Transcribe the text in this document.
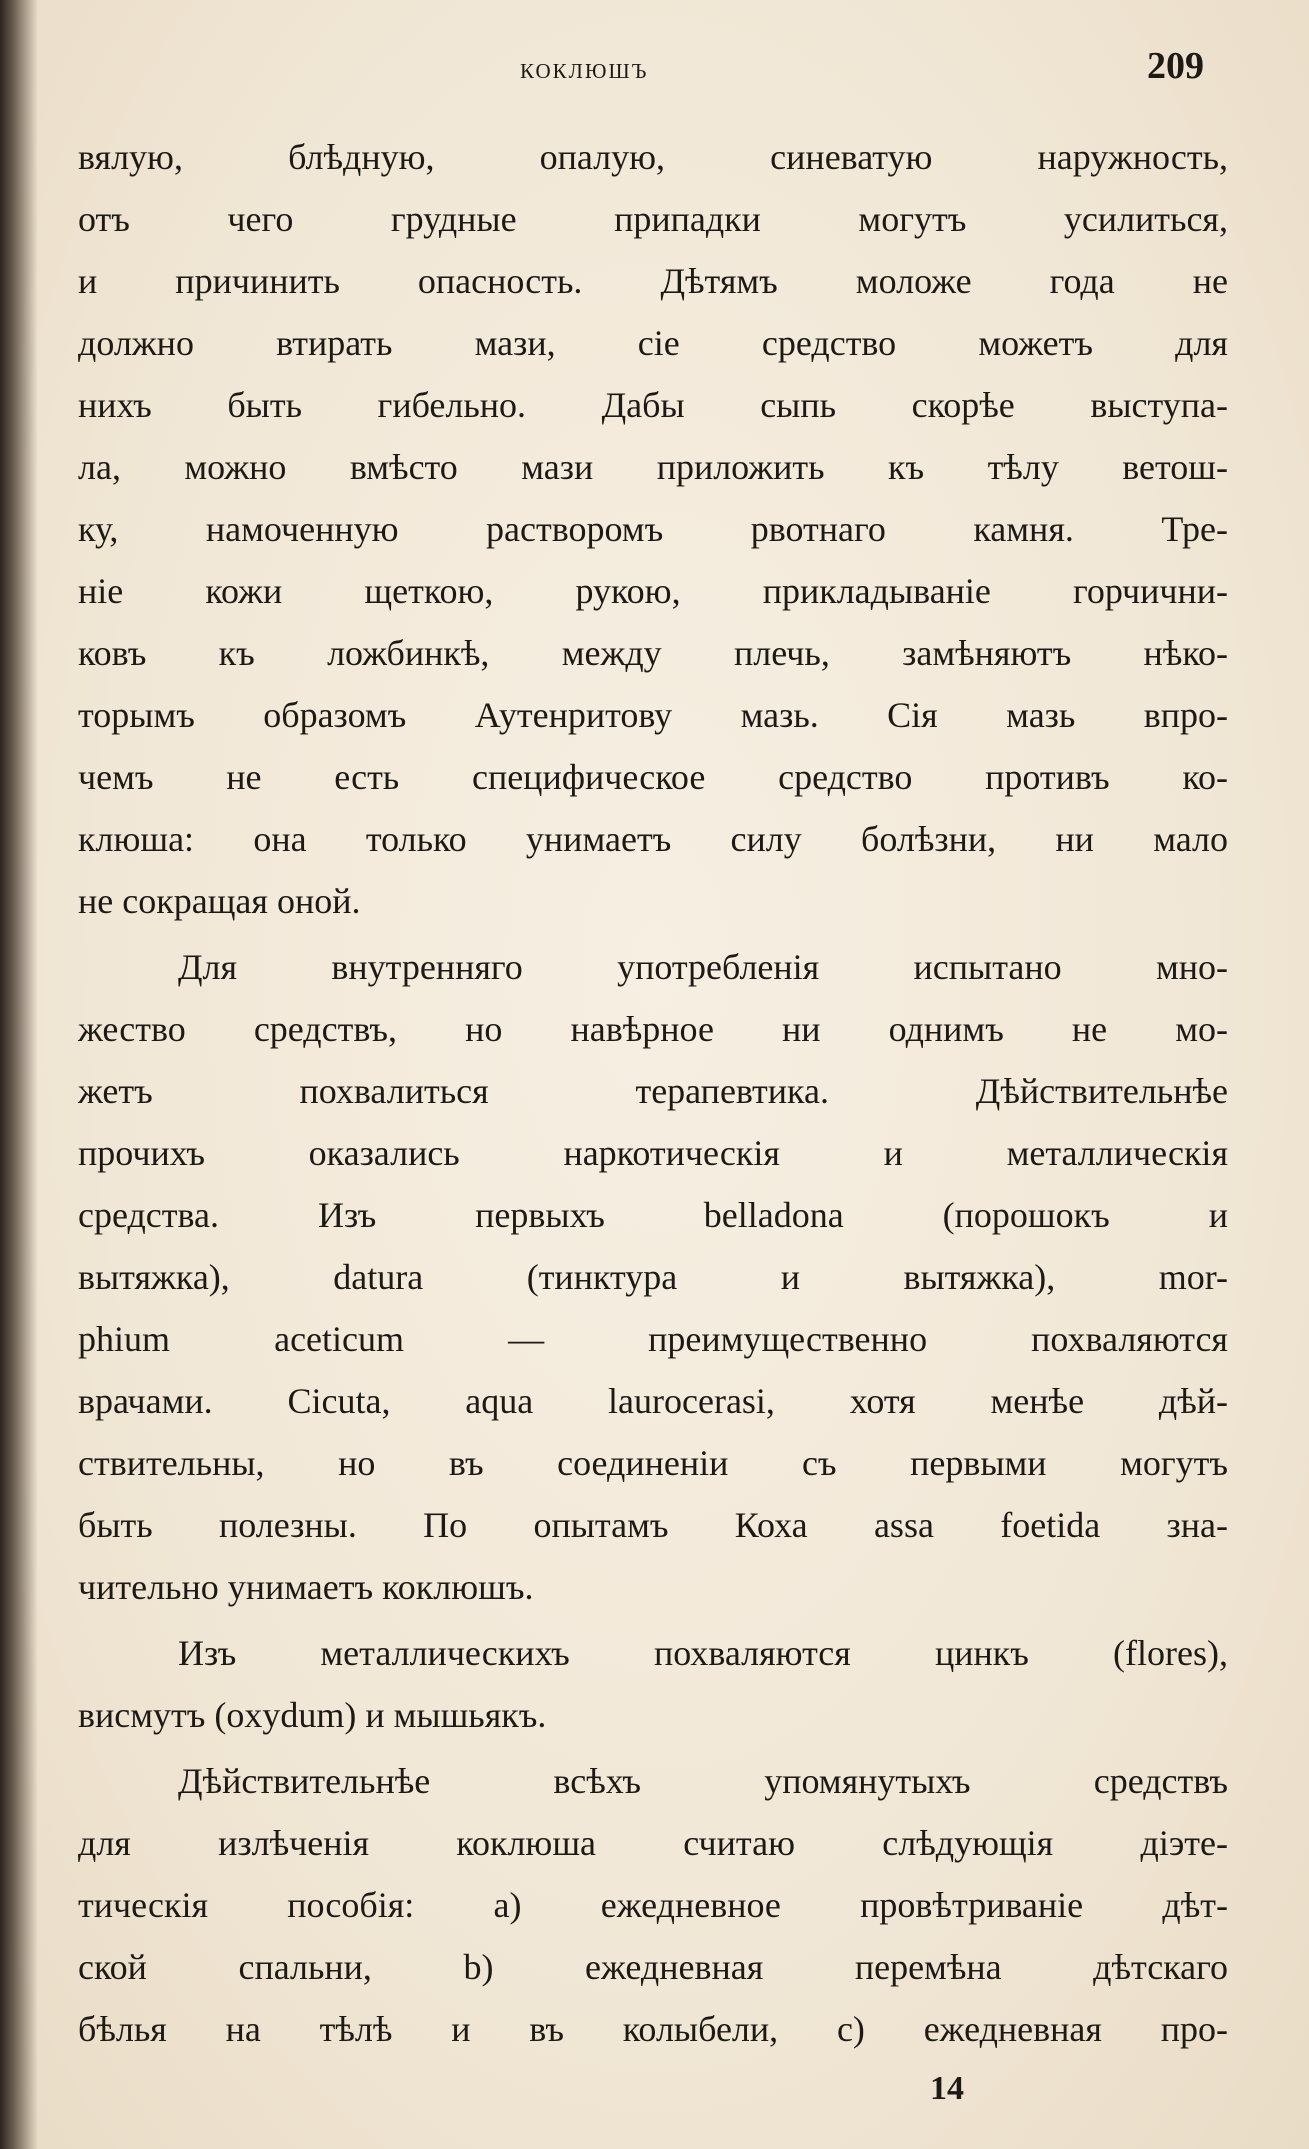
коклюшъ	209
вялую, блѣдную, опалую, синеватую наружность,
отъ чего грудные припадки могутъ усилиться,
и причинить опасность. Дѣтямъ моложе года не
должно втирать мази, сіе средство можетъ для
нихъ быть гибельно. Дабы сыпь скорѣе выступа-
ла, можно вмѣсто мази приложить къ тѣлу ветош-
ку, намоченную растворомъ рвотнаго камня. Тре-
ніе кожи щеткою, рукою, прикладываніе горчични-
ковъ къ ложбинкѣ, между плечь, замѣняютъ нѣко-
торымъ образомъ Аутенритову мазь. Сія мазь впро-
чемъ не есть специфическое средство противъ ко-
клюша: она только унимаетъ силу болѣзни, ни мало
не сокращая оной.
Для внутренняго употребленія испытано мно-
жество средствъ, но навѣрное ни однимъ не мо-
жетъ похвалиться терапевтика. Дѣйствительнѣе
прочихъ оказались наркотическія и металлическія
средства. Изъ первыхъ belladona (порошокъ и
вытяжка), datura (тинктура и вытяжка), mor-
phium aceticum — преимущественно похваляются
врачами. Cicuta, aqua laurocerasi, хотя менѣе дѣй-
ствительны, но въ соединеніи съ первыми могутъ
быть полезны. По опытамъ Коха assa foetida зна-
чительно унимаетъ коклюшъ.
Изъ металлическихъ похваляются цинкъ (flores),
висмутъ (oxydum) и мышьякъ.
Дѣйствительнѣе всѣхъ упомянутыхъ средствъ
для излѣченія коклюша считаю слѣдующія діэте-
тическія пособія: a) ежедневное провѣтриваніе дѣт-
ской спальни, b) ежедневная перемѣна дѣтскаго
бѣлья на тѣлѣ и въ колыбели, c) ежедневная про-
14
